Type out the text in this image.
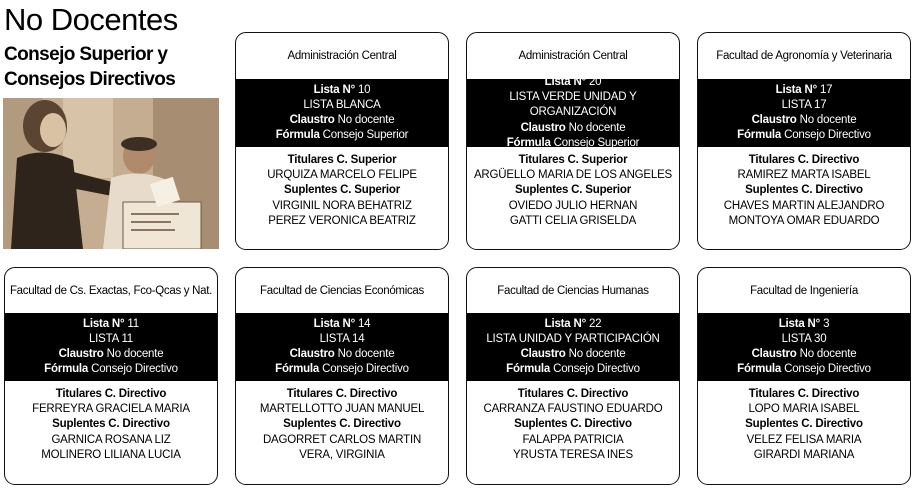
No Docentes
Consejo Superior y
Consejos Directivos
Administración Central
Lista N° 10
LISTA BLANCA
Claustro No docente
Fórmula Consejo Superior
Titulares C. Superior
URQUIZA MARCELO FELIPE
Suplentes C. Superior
VIRGINIL NORA BEHATRIZ
PEREZ VERONICA BEATRIZ
Administración Central
Lista N° 20
LISTA VERDE UNIDAD Y ORGANIZACIÓN
Claustro No docente
Fórmula Consejo Superior
Titulares C. Superior
ARGÜELLO MARIA DE LOS ANGELES
Suplentes C. Superior
OVIEDO JULIO HERNAN
GATTI CELIA GRISELDA
Facultad de Agronomía y Veterinaria
Lista N° 17
LISTA 17
Claustro No docente
Fórmula Consejo Directivo
Titulares C. Directivo
RAMIREZ MARTA ISABEL
Suplentes C. Directivo
CHAVES MARTIN ALEJANDRO
MONTOYA OMAR EDUARDO
Facultad de Cs. Exactas, Fco-Qcas y Nat.
Lista N° 11
LISTA 11
Claustro No docente
Fórmula Consejo Directivo
Titulares C. Directivo
FERREYRA GRACIELA MARIA
Suplentes C. Directivo
GARNICA ROSANA LIZ
MOLINERO LILIANA LUCIA
Facultad de Ciencias Económicas
Lista N° 14
LISTA 14
Claustro No docente
Fórmula Consejo Directivo
Titulares C. Directivo
MARTELLOTTO JUAN MANUEL
Suplentes C. Directivo
DAGORRET CARLOS MARTIN
VERA, VIRGINIA
Facultad de Ciencias Humanas
Lista N° 22
LISTA UNIDAD Y PARTICIPACIÓN
Claustro No docente
Fórmula Consejo Directivo
Titulares C. Directivo
CARRANZA FAUSTINO EDUARDO
Suplentes C. Directivo
FALAPPA PATRICIA
YRUSTA TERESA INES
Facultad de Ingeniería
Lista N° 3
LISTA 30
Claustro No docente
Fórmula Consejo Directivo
Titulares C. Directivo
LOPO MARIA ISABEL
Suplentes C. Directivo
VELEZ FELISA MARIA
GIRARDI MARIANA
